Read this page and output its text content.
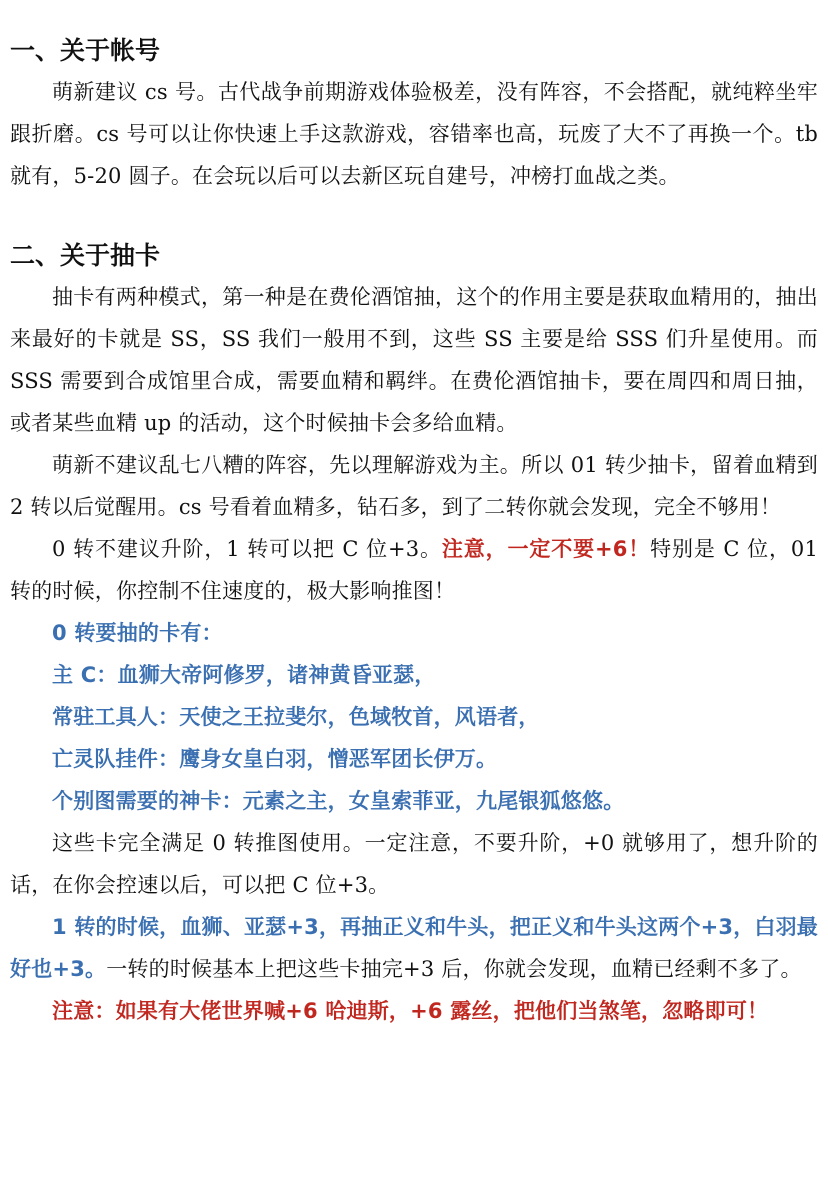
一、关于帐号

萌新建议 cs 号。古代战争前期游戏体验极差，没有阵容，不会搭配，就纯粹坐牢跟折磨。cs 号可以让你快速上手这款游戏，容错率也高，玩废了大不了再换一个。tb 就有，5-20 圆子。在会玩以后可以去新区玩自建号，冲榜打血战之类。

二、关于抽卡

抽卡有两种模式，第一种是在费伦酒馆抽，这个的作用主要是获取血精用的，抽出来最好的卡就是 SS，SS 我们一般用不到，这些 SS 主要是给 SSS 们升星使用。而 SSS 需要到合成馆里合成，需要血精和羁绊。在费伦酒馆抽卡，要在周四和周日抽，或者某些血精 up 的活动，这个时候抽卡会多给血精。

萌新不建议乱七八糟的阵容，先以理解游戏为主。所以 01 转少抽卡，留着血精到 2 转以后觉醒用。cs 号看着血精多，钻石多，到了二转你就会发现，完全不够用！

0 转不建议升阶，1 转可以把 C 位+3。注意，一定不要+6！特别是 C 位，01 转的时候，你控制不住速度的，极大影响推图！

0 转要抽的卡有：

主 C：血狮大帝阿修罗，诸神黄昏亚瑟，

常驻工具人：天使之王拉斐尔，色域牧首，风语者，

亡灵队挂件：鹰身女皇白羽，憎恶军团长伊万。

个别图需要的神卡：元素之主，女皇索菲亚，九尾银狐悠悠。

这些卡完全满足 0 转推图使用。一定注意，不要升阶，+0 就够用了，想升阶的话，在你会控速以后，可以把 C 位+3。

1 转的时候，血狮、亚瑟+3，再抽正义和牛头，把正义和牛头这两个+3，白羽最好也+3。一转的时候基本上把这些卡抽完+3 后，你就会发现，血精已经剩不多了。

注意：如果有大佬世界喊+6 哈迪斯，+6 露丝，把他们当煞笔，忽略即可！
